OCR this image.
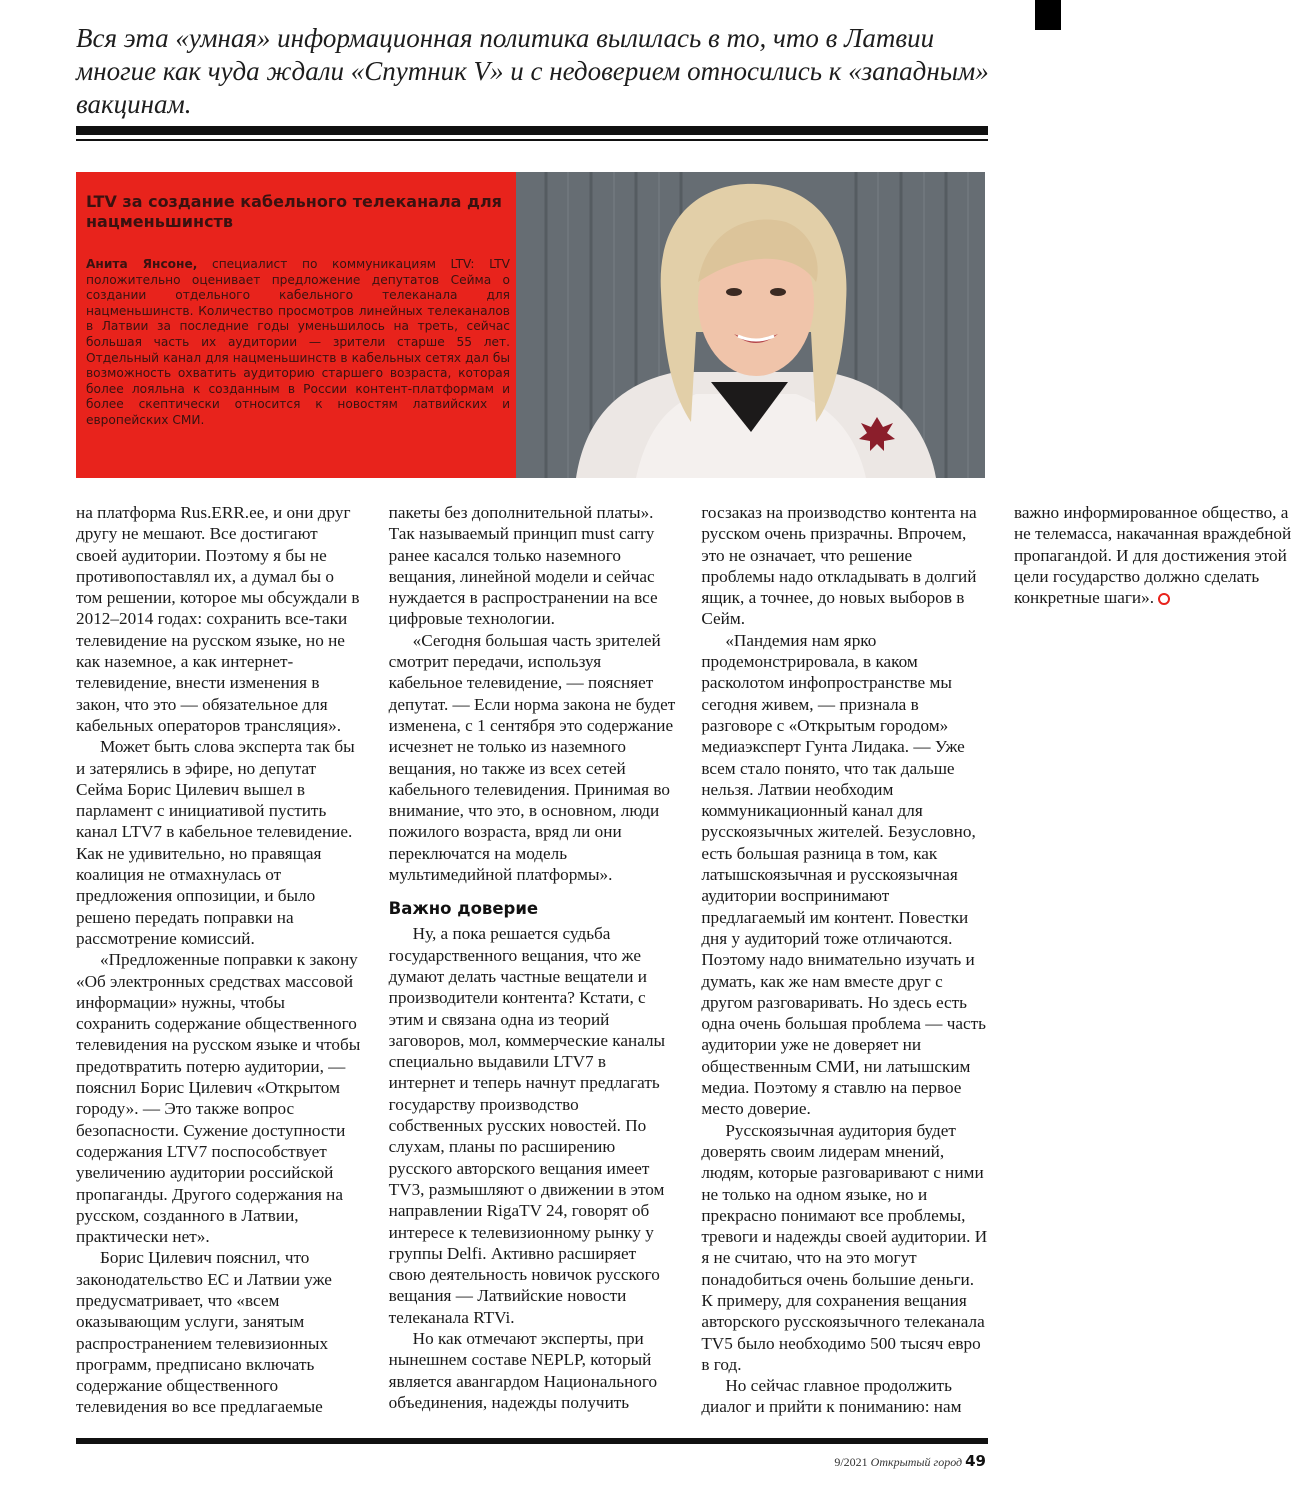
Вся эта «умная» информационная политика вылилась в то, что в Латвии многие как чуда ждали «Спутник V» и с недоверием относились к «западным» вакцинам.

LTV за создание кабельного телеканала для нацменьшинств

Анита Янсоне, специалист по коммуникациям LTV: LTV положительно оценивает предложение депутатов Сейма о создании отдельного кабельного телеканала для нацменьшинств. Количество просмотров линейных телеканалов в Латвии за последние годы уменьшилось на треть, сейчас большая часть их аудитории — зрители старше 55 лет. Отдельный канал для нацменьшинств в кабельных сетях дал бы возможность охватить аудиторию старшего возраста, которая более лояльна к созданным в России контент-платформам и более скептически относится к новостям латвийских и европейских СМИ.

на платформа Rus.ERR.ee, и они друг другу не мешают. Все достигают своей аудитории. Поэтому я бы не противопоставлял их, а думал бы о том решении, которое мы обсуждали в 2012–2014 годах: сохранить все-таки телевидение на русском языке, но не как наземное, а как интернет-телевидение, внести изменения в закон, что это — обязательное для кабельных операторов трансляция».

Может быть слова эксперта так бы и затерялись в эфире, но депутат Сейма Борис Цилевич вышел в парламент с инициативой пустить канал LTV7 в кабельное телевидение. Как не удивительно, но правящая коалиция не отмахнулась от предложения оппозиции, и было решено передать поправки на рассмотрение комиссий.

«Предложенные поправки к закону «Об электронных средствах массовой информации» нужны, чтобы сохранить содержание общественного телевидения на русском языке и чтобы предотвратить потерю аудитории, — пояснил Борис Цилевич «Открытом городу». — Это также вопрос безопасности. Сужение доступности содержания LTV7 поспособствует увеличению аудитории российской пропаганды. Другого содержания на русском, созданного в Латвии, практически нет».

Борис Цилевич пояснил, что законодательство ЕС и Латвии уже предусматривает, что «всем оказывающим услуги, занятым распространением телевизионных программ, предписано включать содержание общественного телевидения во все предлагаемые пакеты без дополнительной платы». Так называемый принцип must carry ранее касался только наземного вещания, линейной модели и сейчас нуждается в распространении на все цифровые технологии.

«Сегодня большая часть зрителей смотрит передачи, используя кабельное телевидение, — поясняет депутат. — Если норма закона не будет изменена, с 1 сентября это содержание исчезнет не только из наземного вещания, но также из всех сетей кабельного телевидения. Принимая во внимание, что это, в основном, люди пожилого возраста, вряд ли они переключатся на модель мультимедийной платформы».

Важно доверие

Ну, а пока решается судьба государственного вещания, что же думают делать частные вещатели и производители контента? Кстати, с этим и связана одна из теорий заговоров, мол, коммерческие каналы специально выдавили LTV7 в интернет и теперь начнут предлагать государству производство собственных русских новостей. По слухам, планы по расширению русского авторского вещания имеет TV3, размышляют о движении в этом направлении RigaTV 24, говорят об интересе к телевизионному рынку у группы Delfi. Активно расширяет свою деятельность новичок русского вещания — Латвийские новости телеканала RTVi.

Но как отмечают эксперты, при нынешнем составе NEPLP, который является авангардом Национального объединения, надежды получить госзаказ на производство контента на русском очень призрачны. Впрочем, это не означает, что решение проблемы надо откладывать в долгий ящик, а точнее, до новых выборов в Сейм.

«Пандемия нам ярко продемонстрировала, в каком расколотом инфопространстве мы сегодня живем, — признала в разговоре с «Открытым городом» медиаэксперт Гунта Лидака. — Уже всем стало понято, что так дальше нельзя. Латвии необходим коммуникационный канал для русскоязычных жителей. Безусловно, есть большая разница в том, как латышскоязычная и русскоязычная аудитории воспринимают предлагаемый им контент. Повестки дня у аудиторий тоже отличаются. Поэтому надо внимательно изучать и думать, как же нам вместе друг с другом разговаривать. Но здесь есть одна очень большая проблема — часть аудитории уже не доверяет ни общественным СМИ, ни латышским медиа. Поэтому я ставлю на первое место доверие.

Русскоязычная аудитория будет доверять своим лидерам мнений, людям, которые разговаривают с ними не только на одном языке, но и прекрасно понимают все проблемы, тревоги и надежды своей аудитории. И я не считаю, что на это могут понадобиться очень большие деньги. К примеру, для сохранения вещания авторского русскоязычного телеканала TV5 было необходимо 500 тысяч евро в год.

Но сейчас главное продолжить диалог и прийти к пониманию: нам важно информированное общество, а не телемасса, накачанная враждебной пропагандой. И для достижения этой цели государство должно сделать конкретные шаги».

9/2021 Открытый город 49
